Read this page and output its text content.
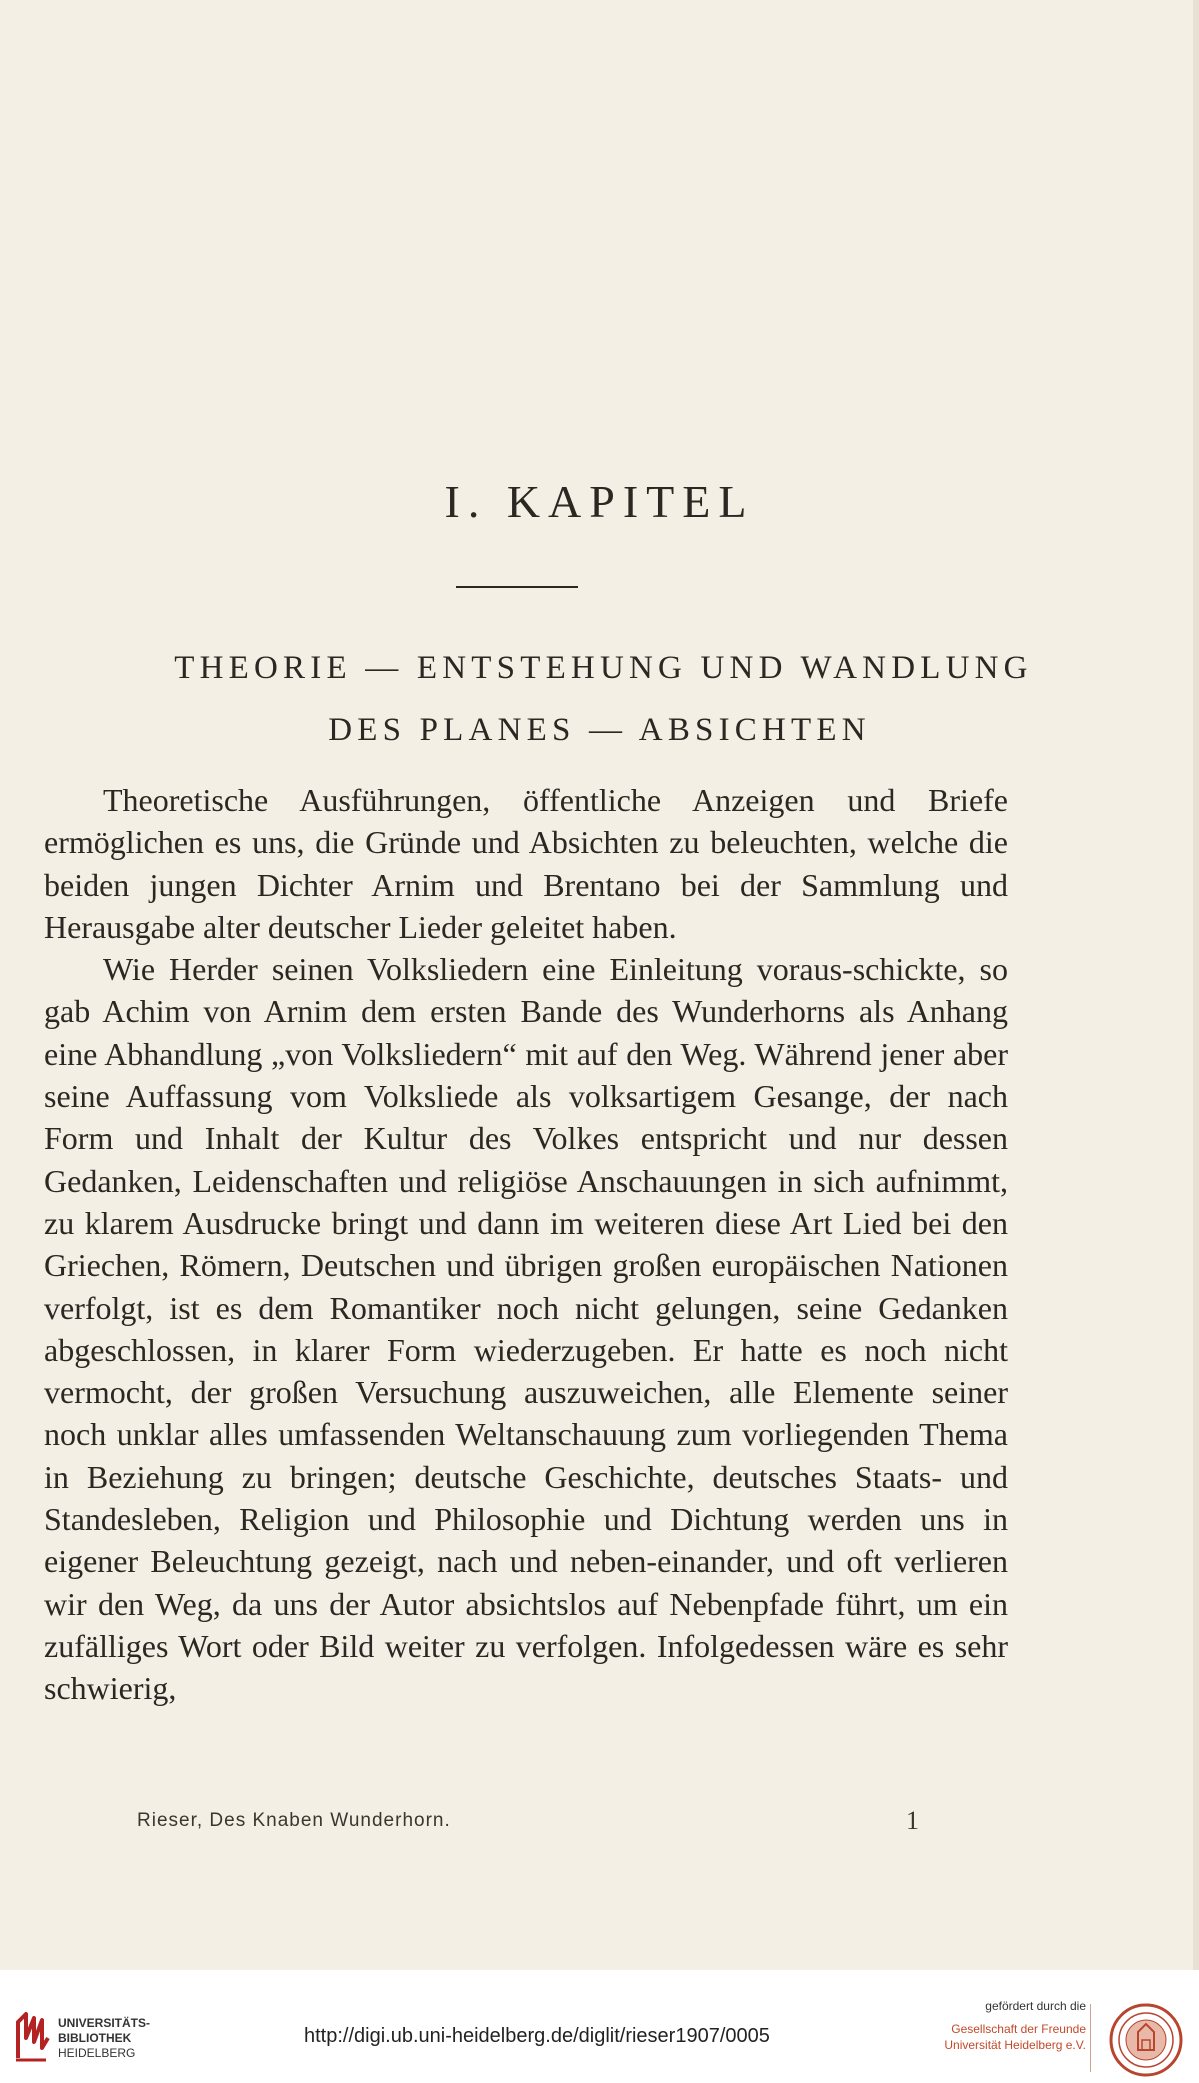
I. KAPITEL
THEORIE — ENTSTEHUNG UND WANDLUNG
DES PLANES — ABSICHTEN

Theoretische Ausführungen, öffentliche Anzeigen und Briefe ermöglichen es uns, die Gründe und Absichten zu beleuchten, welche die beiden jungen Dichter Arnim und Brentano bei der Sammlung und Herausgabe alter deutscher Lieder geleitet haben.

Wie Herder seinen Volksliedern eine Einleitung voraus-schickte, so gab Achim von Arnim dem ersten Bande des Wunderhorns als Anhang eine Abhandlung „von Volksliedern“ mit auf den Weg. Während jener aber seine Auffassung vom Volksliede als volksartigem Gesange, der nach Form und Inhalt der Kultur des Volkes entspricht und nur dessen Gedanken, Leidenschaften und religiöse Anschauungen in sich aufnimmt, zu klarem Ausdrucke bringt und dann im weiteren diese Art Lied bei den Griechen, Römern, Deutschen und übrigen großen europäischen Nationen verfolgt, ist es dem Romantiker noch nicht gelungen, seine Gedanken abgeschlossen, in klarer Form wiederzugeben. Er hatte es noch nicht vermocht, der großen Versuchung auszuweichen, alle Elemente seiner noch unklar alles umfassenden Weltanschauung zum vorliegenden Thema in Beziehung zu bringen; deutsche Geschichte, deutsches Staats- und Standesleben, Religion und Philosophie und Dichtung werden uns in eigener Beleuchtung gezeigt, nach und neben-einander, und oft verlieren wir den Weg, da uns der Autor absichtslos auf Nebenpfade führt, um ein zufälliges Wort oder Bild weiter zu verfolgen. Infolgedessen wäre es sehr schwierig,

Rieser, Des Knaben Wunderhorn.	1
UNIVERSITÄTS-
BIBLIOTHEK
HEIDELBERG
http://digi.ub.uni-heidelberg.de/diglit/rieser1907/0005
gefördert durch die
Gesellschaft der Freunde
Universität Heidelberg e.V.
